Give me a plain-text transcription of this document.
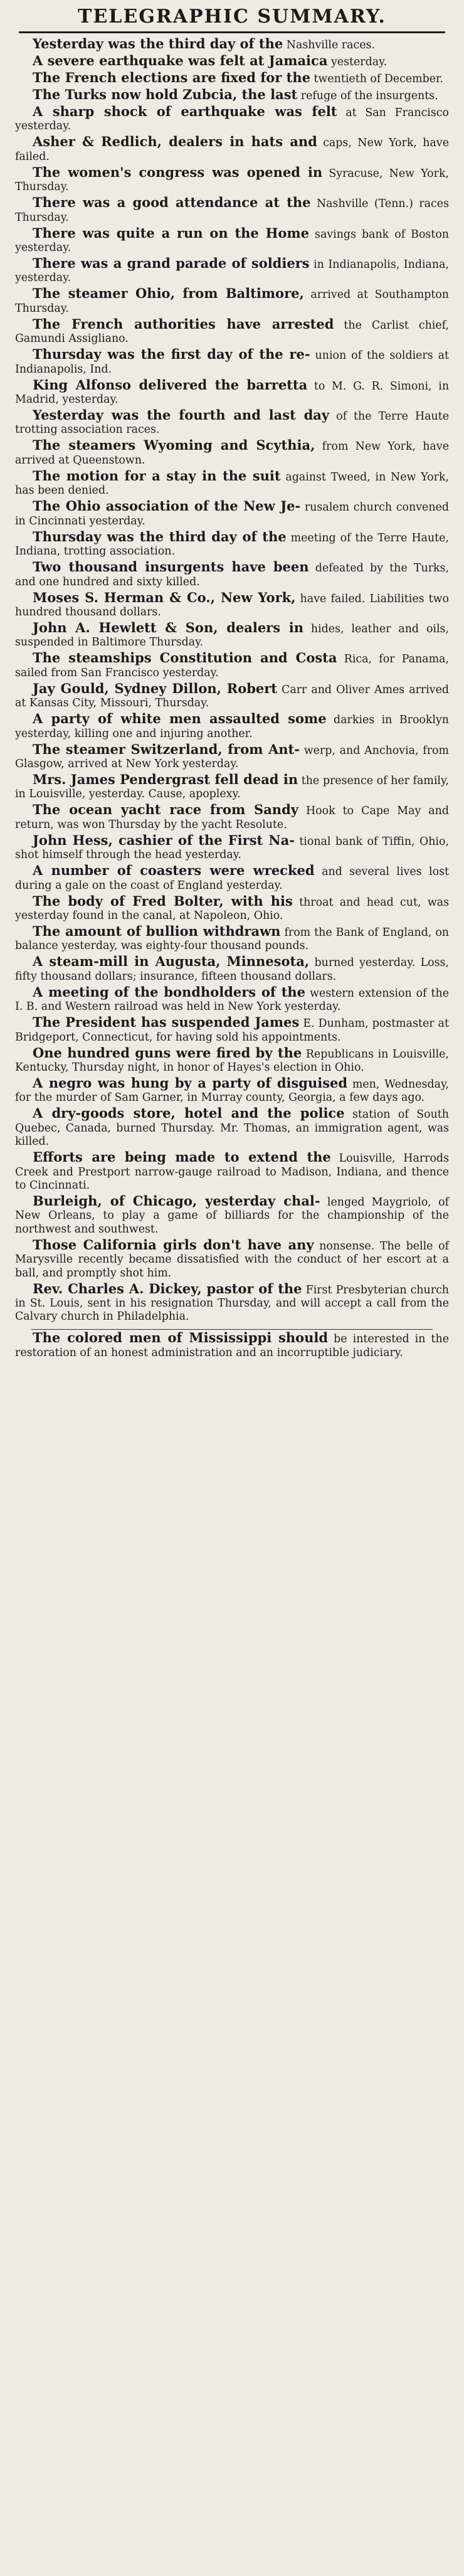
TELEGRAPHIC SUMMARY.

Yesterday was the third day of the Nashville races.

A severe earthquake was felt at Jamaica yesterday.

The French elections are fixed for the twentieth of December.

The Turks now hold Zubcia, the last refuge of the insurgents.

A sharp shock of earthquake was felt at San Francisco yesterday.

Asher & Redlich, dealers in hats and caps, New York, have failed.

The women's congress was opened in Syracuse, New York, Thursday.

There was a good attendance at the Nashville (Tenn.) races Thursday.

There was quite a run on the Home savings bank of Boston yesterday.

There was a grand parade of soldiers in Indianapolis, Indiana, yesterday.

The steamer Ohio, from Baltimore, arrived at Southampton Thursday.

The French authorities have arrested the Carlist chief, Gamundi Assigliano.

Thursday was the first day of the re- union of the soldiers at Indianapolis, Ind.

King Alfonso delivered the barretta to M. G. R. Simoni, in Madrid, yesterday.

Yesterday was the fourth and last day of the Terre Haute trotting association races.

The steamers Wyoming and Scythia, from New York, have arrived at Queenstown.

The motion for a stay in the suit against Tweed, in New York, has been denied.

The Ohio association of the New Je- rusalem church convened in Cincinnati yesterday.

Thursday was the third day of the meeting of the Terre Haute, Indiana, trotting association.

Two thousand insurgents have been defeated by the Turks, and one hundred and sixty killed.

Moses S. Herman & Co., New York, have failed. Liabilities two hundred thousand dollars.

John A. Hewlett & Son, dealers in hides, leather and oils, suspended in Baltimore Thursday.

The steamships Constitution and Costa Rica, for Panama, sailed from San Francisco yesterday.

Jay Gould, Sydney Dillon, Robert Carr and Oliver Ames arrived at Kansas City, Missouri, Thursday.

A party of white men assaulted some darkies in Brooklyn yesterday, killing one and injuring another.

The steamer Switzerland, from Ant- werp, and Anchovia, from Glasgow, arrived at New York yesterday.

Mrs. James Pendergrast fell dead in the presence of her family, in Louisville, yesterday. Cause, apoplexy.

The ocean yacht race from Sandy Hook to Cape May and return, was won Thursday by the yacht Resolute.

John Hess, cashier of the First Na- tional bank of Tiffin, Ohio, shot himself through the head yesterday.

A number of coasters were wrecked and several lives lost during a gale on the coast of England yesterday.

The body of Fred Bolter, with his throat and head cut, was yesterday found in the canal, at Napoleon, Ohio.

The amount of bullion withdrawn from the Bank of England, on balance yesterday, was eighty-four thousand pounds.

A steam-mill in Augusta, Minnesota, burned yesterday. Loss, fifty thousand dollars; insurance, fifteen thousand dollars.

A meeting of the bondholders of the western extension of the I. B. and Western railroad was held in New York yesterday.

The President has suspended James E. Dunham, postmaster at Bridgeport, Connecticut, for having sold his appointments.

One hundred guns were fired by the Republicans in Louisville, Kentucky, Thursday night, in honor of Hayes's election in Ohio.

A negro was hung by a party of disguised men, Wednesday, for the murder of Sam Garner, in Murray county, Georgia, a few days ago.

A dry-goods store, hotel and the police station of South Quebec, Canada, burned Thursday. Mr. Thomas, an immigration agent, was killed.

Efforts are being made to extend the Louisville, Harrods Creek and Prestport narrow-gauge railroad to Madison, Indiana, and thence to Cincinnati.

Burleigh, of Chicago, yesterday chal- lenged Maygriolo, of New Orleans, to play a game of billiards for the championship of the northwest and southwest.

Those California girls don't have any nonsense. The belle of Marysville recently became dissatisfied with the conduct of her escort at a ball, and promptly shot him.

Rev. Charles A. Dickey, pastor of the First Presbyterian church in St. Louis, sent in his resignation Thursday, and will accept a call from the Calvary church in Philadelphia.

The colored men of Mississippi should be interested in the restoration of an honest administration and an incorruptible judiciary.
